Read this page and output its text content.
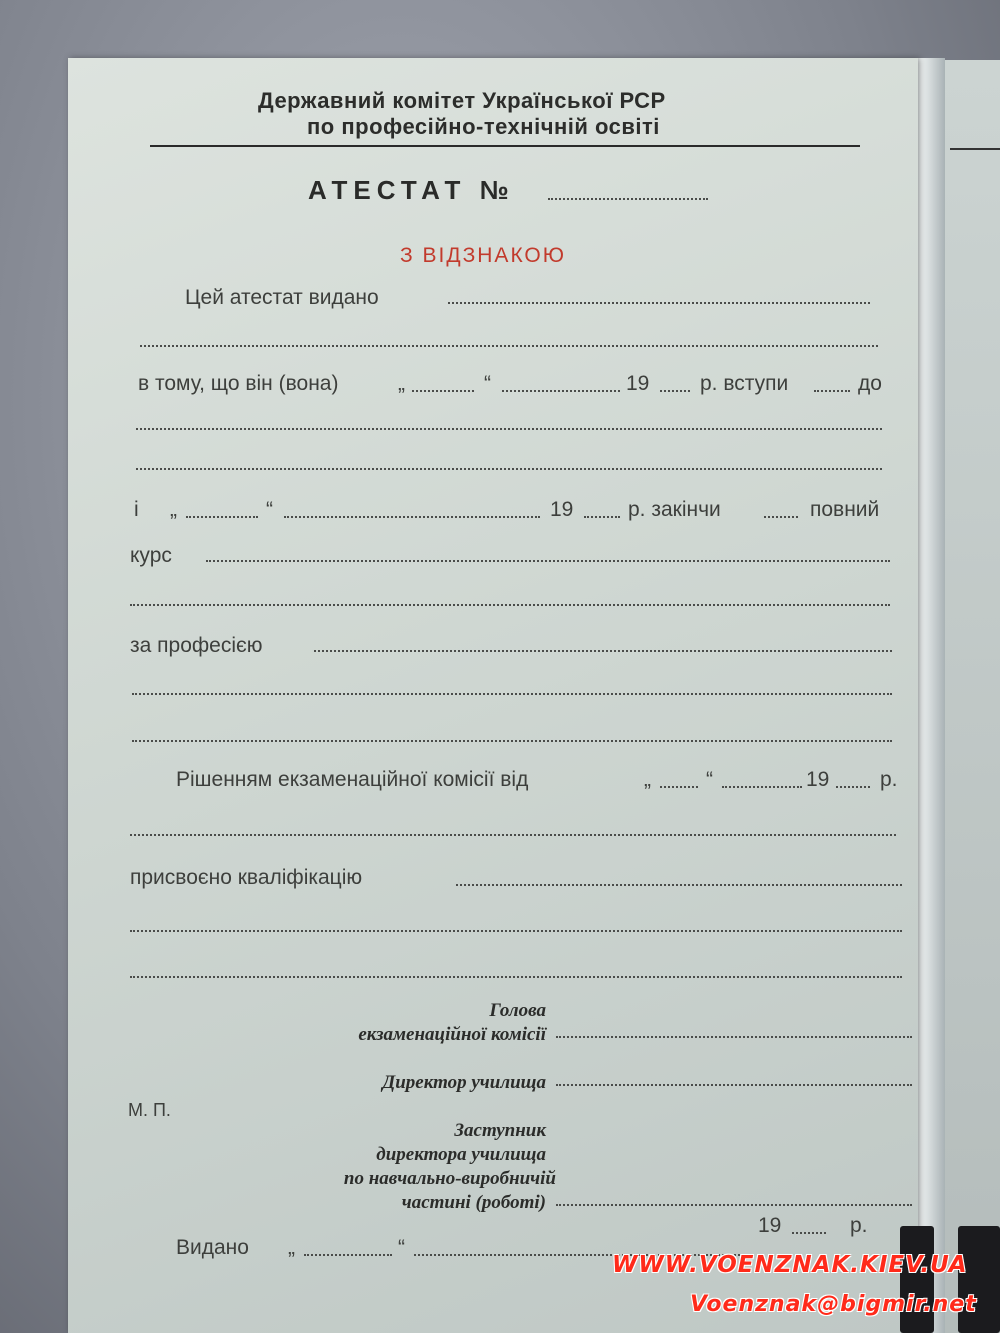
Державний комітет Української РСР
по професійно-технічній освіті
АТЕСТАТ №
З ВІДЗНАКОЮ
Цей атестат видано
в тому, що він (вона)	„	“	19 р. вступи	до
і „	“	19	р. закінчи	повний
курс
за професією
Рішенням екзаменаційної комісії від	„	“	19 р.
присвоєно кваліфікацію
Голова
екзаменаційної комісії
Директор училища
М. П.
Заступник
директора училища
по навчально-виробничій
частині (роботі)
Видано „	“
19	р.
WWW.VOENZNAK.KIEV.UA
Voenznak@bigmir.net
